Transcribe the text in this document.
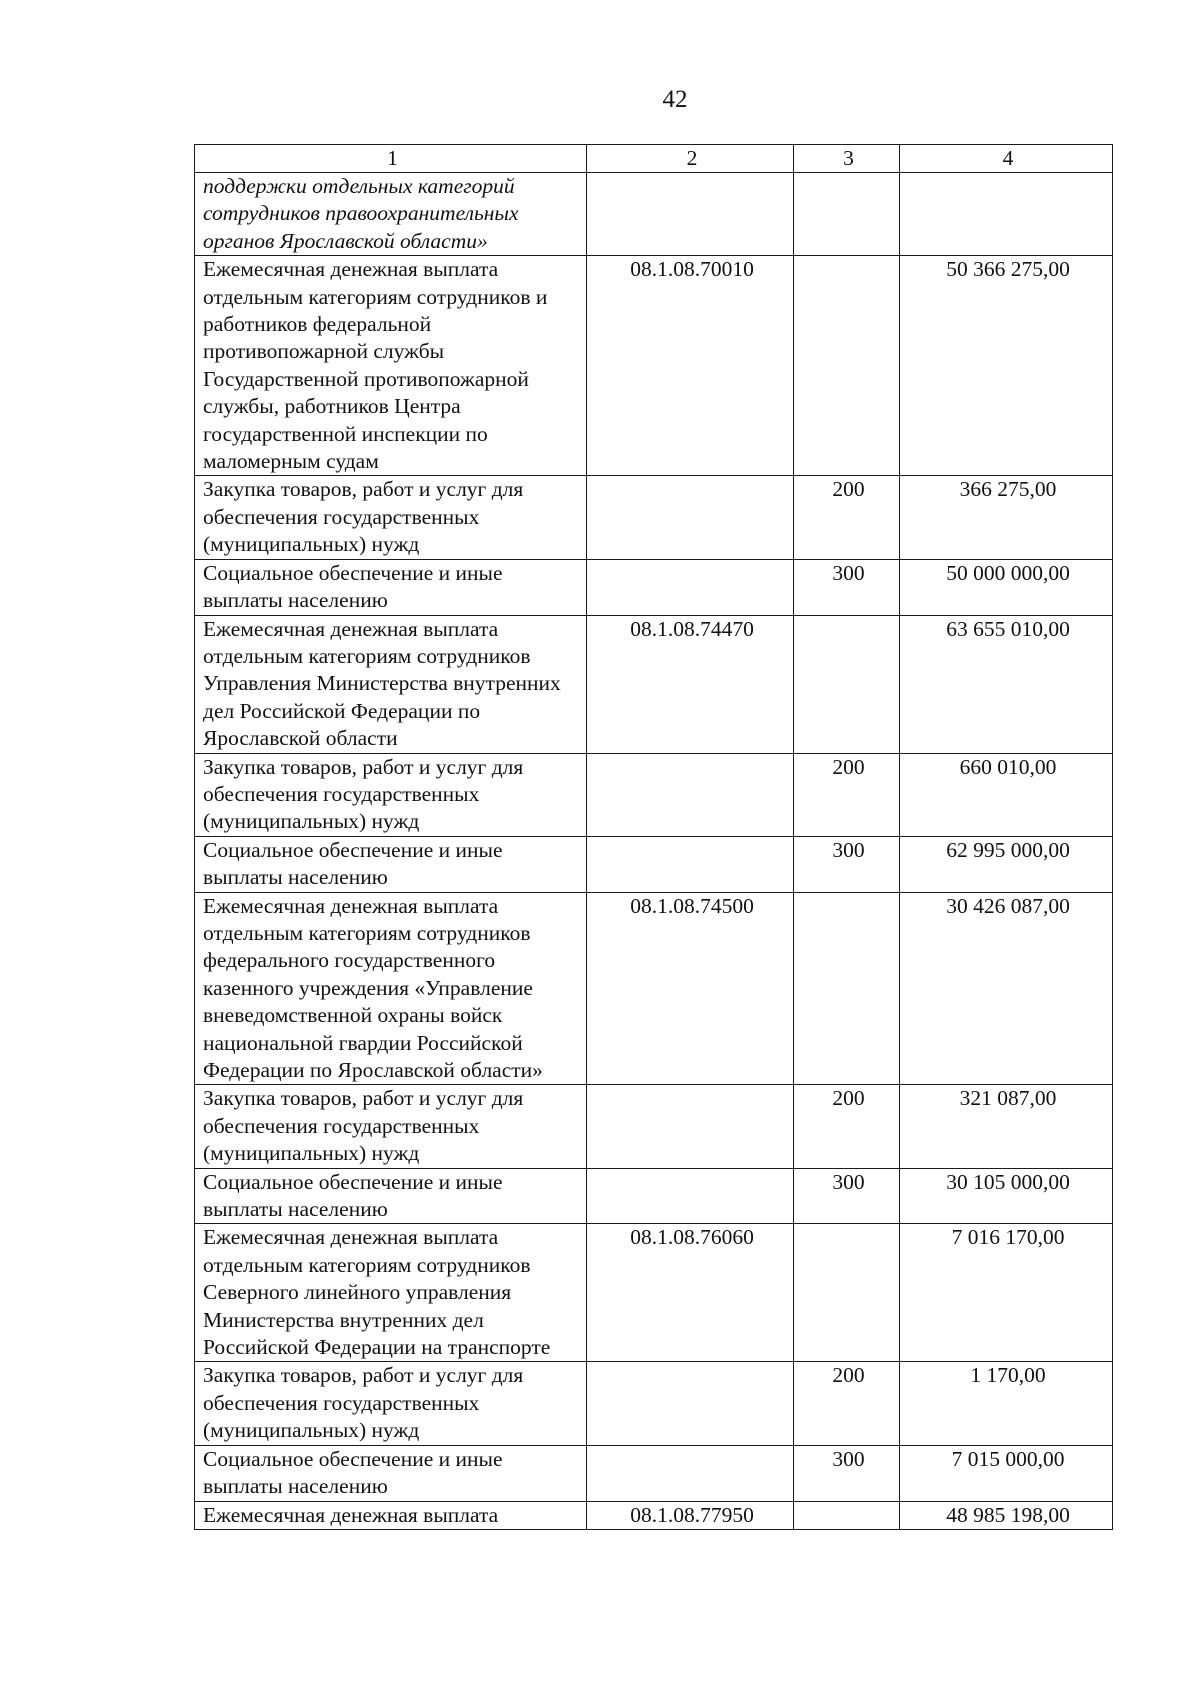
42
1	2	3	4
поддержки отдельных категорий сотрудников правоохранительных органов Ярославской области»			
Ежемесячная денежная выплата отдельным категориям сотрудников и работников федеральной противопожарной службы Государственной противопожарной службы, работников Центра государственной инспекции по маломерным судам	08.1.08.70010		50 366 275,00
Закупка товаров, работ и услуг для обеспечения государственных (муниципальных) нужд		200	366 275,00
Социальное обеспечение и иные выплаты населению		300	50 000 000,00
Ежемесячная денежная выплата отдельным категориям сотрудников Управления Министерства внутренних дел Российской Федерации по Ярославской области	08.1.08.74470		63 655 010,00
Закупка товаров, работ и услуг для обеспечения государственных (муниципальных) нужд		200	660 010,00
Социальное обеспечение и иные выплаты населению		300	62 995 000,00
Ежемесячная денежная выплата отдельным категориям сотрудников федерального государственного казенного учреждения «Управление вневедомственной охраны войск национальной гвардии Российской Федерации по Ярославской области»	08.1.08.74500		30 426 087,00
Закупка товаров, работ и услуг для обеспечения государственных (муниципальных) нужд		200	321 087,00
Социальное обеспечение и иные выплаты населению		300	30 105 000,00
Ежемесячная денежная выплата отдельным категориям сотрудников Северного линейного управления Министерства внутренних дел Российской Федерации на транспорте	08.1.08.76060		7 016 170,00
Закупка товаров, работ и услуг для обеспечения государственных (муниципальных) нужд		200	1 170,00
Социальное обеспечение и иные выплаты населению		300	7 015 000,00
Ежемесячная денежная выплата	08.1.08.77950		48 985 198,00
